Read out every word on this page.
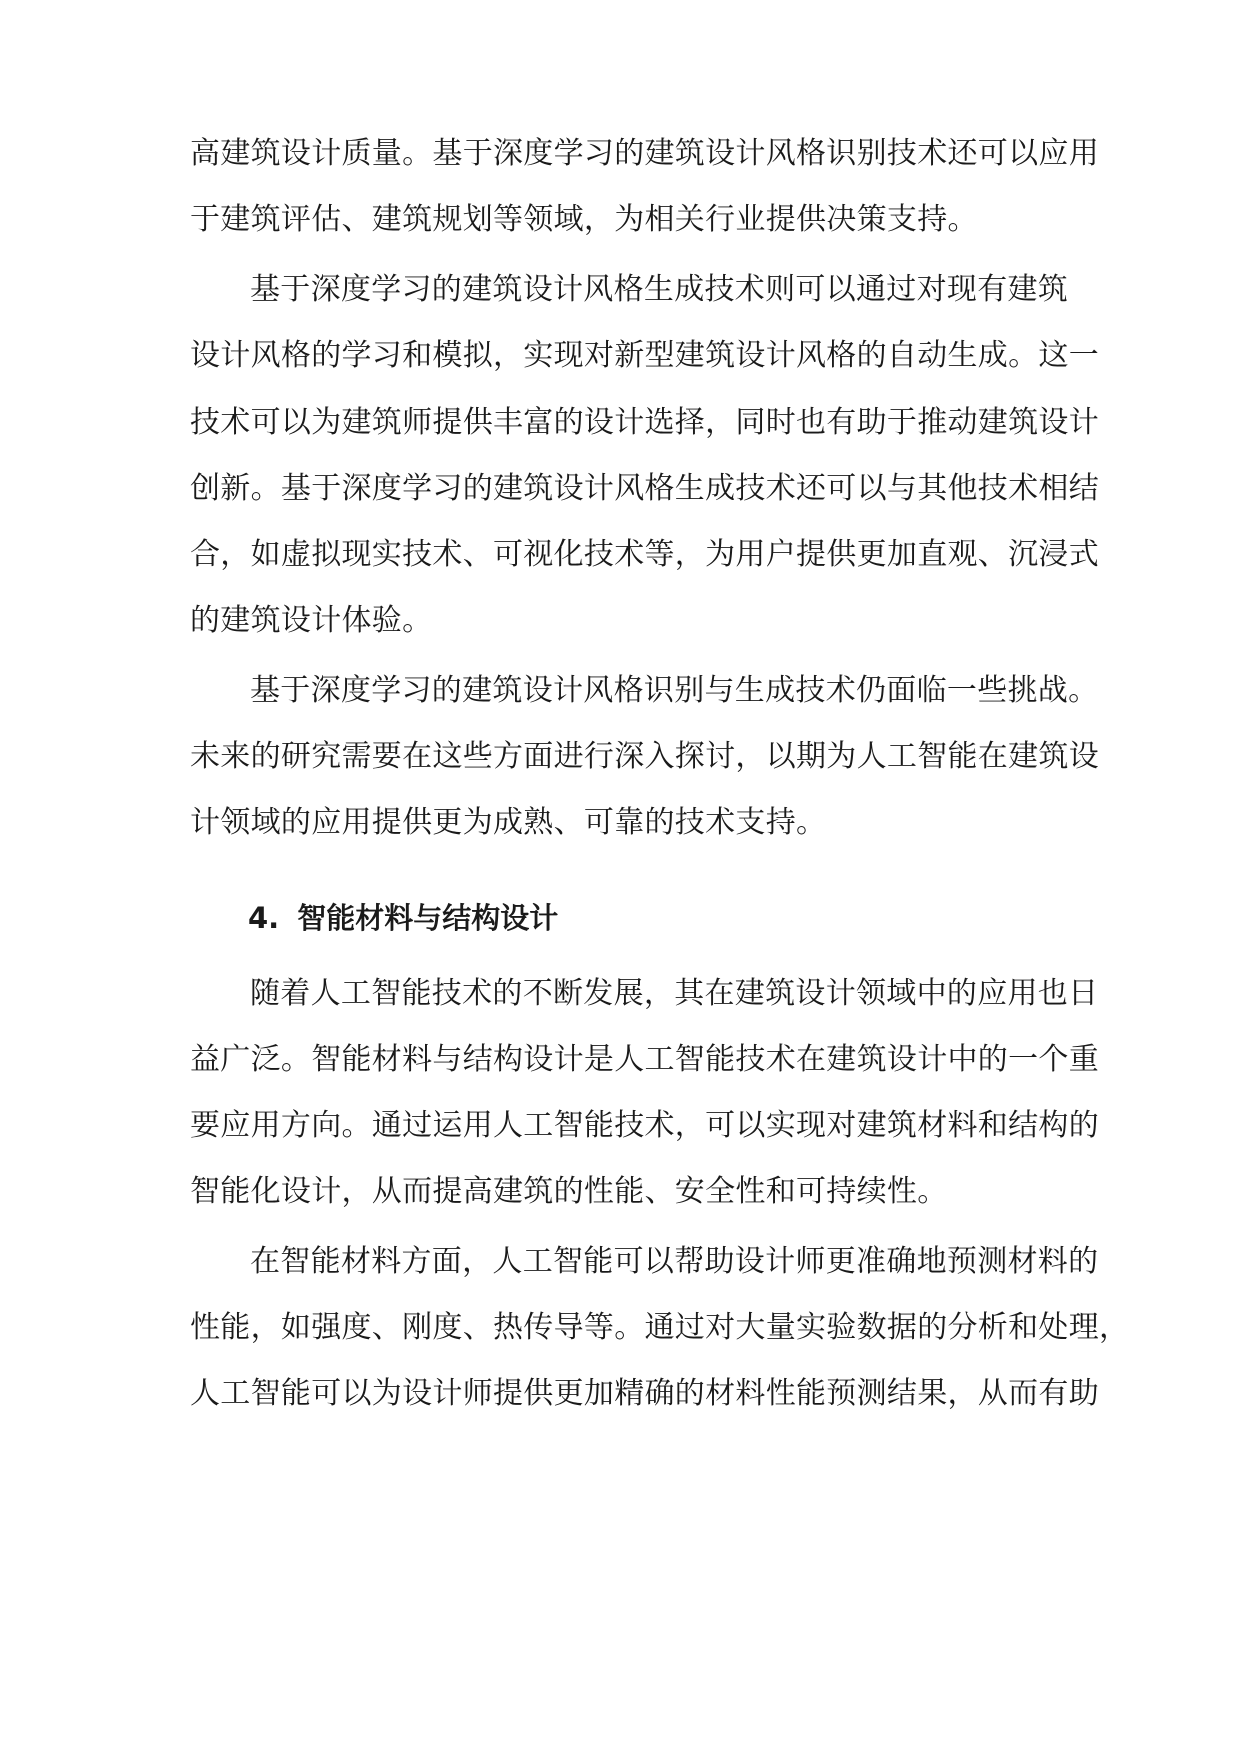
高建筑设计质量。基于深度学习的建筑设计风格识别技术还可以应用
于建筑评估、建筑规划等领域，为相关行业提供决策支持。
基于深度学习的建筑设计风格生成技术则可以通过对现有建筑
设计风格的学习和模拟，实现对新型建筑设计风格的自动生成。这一
技术可以为建筑师提供丰富的设计选择，同时也有助于推动建筑设计
创新。基于深度学习的建筑设计风格生成技术还可以与其他技术相结
合，如虚拟现实技术、可视化技术等，为用户提供更加直观、沉浸式
的建筑设计体验。
基于深度学习的建筑设计风格识别与生成技术仍面临一些挑战。
未来的研究需要在这些方面进行深入探讨，以期为人工智能在建筑设
计领域的应用提供更为成熟、可靠的技术支持。
4. 智能材料与结构设计
随着人工智能技术的不断发展，其在建筑设计领域中的应用也日
益广泛。智能材料与结构设计是人工智能技术在建筑设计中的一个重
要应用方向。通过运用人工智能技术，可以实现对建筑材料和结构的
智能化设计，从而提高建筑的性能、安全性和可持续性。
在智能材料方面，人工智能可以帮助设计师更准确地预测材料的
性能，如强度、刚度、热传导等。通过对大量实验数据的分析和处理，
人工智能可以为设计师提供更加精确的材料性能预测结果，从而有助
